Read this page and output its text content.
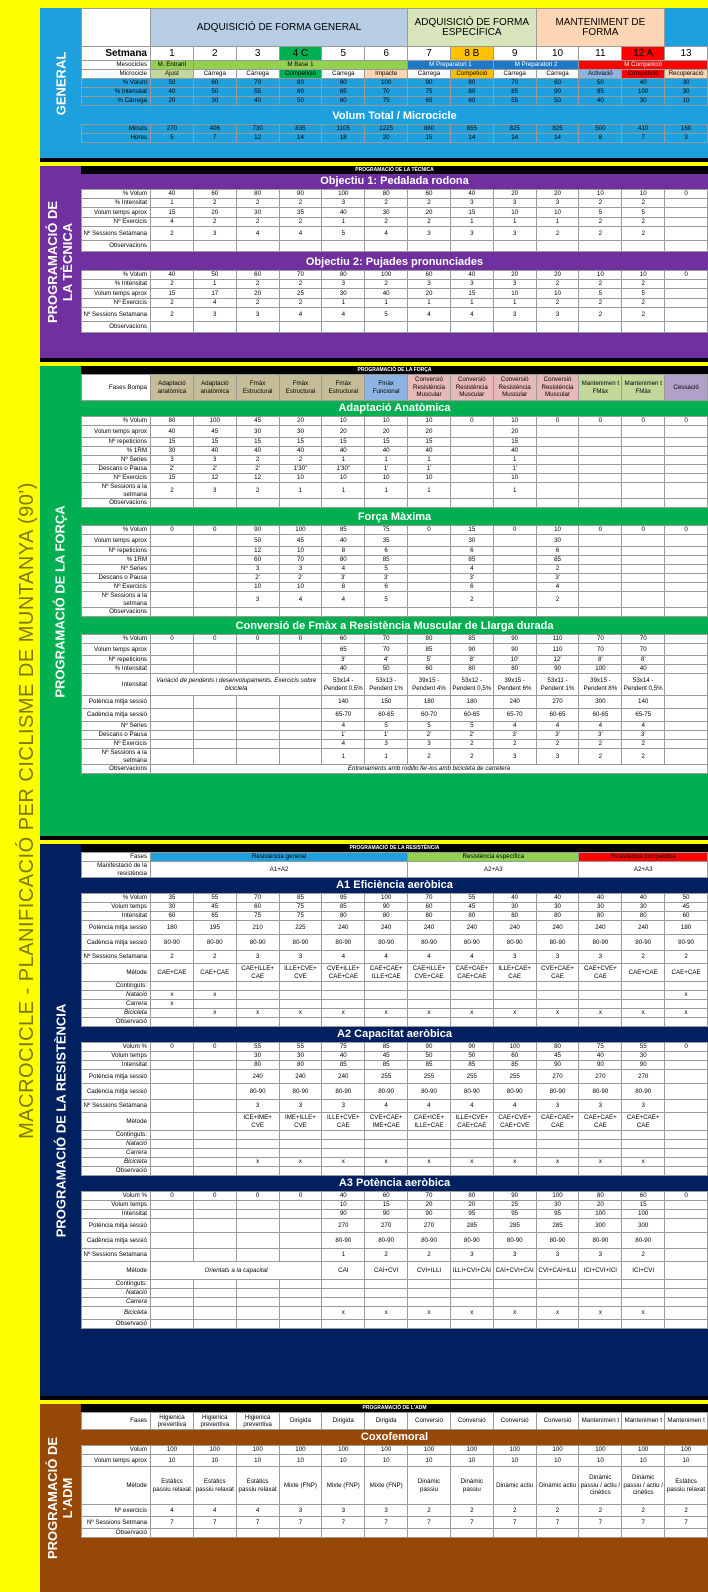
MACROCICLE - PLANIFICACIÓ PER CICLISME DE MUNTANYA (90')
GENERAL
	ADQUISICIÓ DE FORMA GENERAL						ADQUISICIÓ DE FORMA ESPECÍFICA			MANTENIMENT DE FORMA			
Setmana	1	2	3	4 C	5	6	7	8 B	9	10	11	12 A	13
Mesocicles	M. Entrant	M Base 1					M Preparatori 1		M Preparatori 2		M Competició		
Microcicle	Ajust	Càrrega	Càrrega	Competició	Càrrega	Impacte	Càrrega	Competició	Càrrega	Càrrega	Activació	Competició	Recuperació
% Volum	50	60	70	80	90	100	90	80	70	60	50	40	30
% Intensitat	40	50	55	60	65	70	75	80	85	90	95	100	30
% Càrrega	20	30	40	50	60	75	65	60	55	50	40	30	10
Volum Total / Microcicle
Minuts	270	406	730	835	1105	1225	880	855	825	825	500	410	160
Hores	5	7	12	14	18	20	15	14	14	14	8	7	3
PROGRAMACIÓ DE
LA TÈCNICA
PROGRAMACIÓ DE LA TÈCNICA
Objectiu 1: Pedalada rodona
% Volum	40	60	80	90	100	80	60	40	20	20	10	10	0
% Intensitat	1	2	2	2	3	2	2	3	3	3	2	2	
Volum temps aprox	15	20	30	35	40	30	20	15	10	10	5	5	
Nº Exercicis	4	2	2	2	1	2	2	1	1	1	2	2	
Nº Sessions Setamana	2	3	4	4	5	4	3	3	3	2	2	2	
Observacions													
Objectiu 2: Pujades pronunciades
% Volum	40	50	60	70	80	100	60	40	20	20	10	10	0
% Intensitat	2	1	2	2	3	2	3	3	3	2	2	2	
Volum temps aprox	15	17	20	25	30	40	20	15	10	10	5	5	
Nº Exercicis	2	4	2	2	1	1	1	1	1	2	2	2	
Nº Sessions Setamana	2	3	3	4	4	5	4	4	3	3	2	2	
Observacions													
PROGRAMACIÓ DE LA FORÇA
PROGRAMACIÓ DE LA FORÇA
Fases Bompa	Adaptació anatòmica	Adaptació anatòmica	Fmàx Estructural	Fmàx Estructural	Fmàx Estructural	Fmàx Funcional	Conversió Resistència Muscular	Conversió Resistència Muscular	Conversió Resistència Muscular	Conversió Resistència Muscular	Mantenimen t FMàx	Mantenimen t FMàx	Cessació
Adaptació Anatòmica
% Volum	80	100	45	20	10	10	10	0	10	0	0	0	0
Volum temps aprox	40	45	30	30	20	20	20		20				
Nº repeticions	15	15	15	15	15	15	15		15				
% 1RM	30	40	40	40	40	40	40		40				
Nº Series	3	3	2	2	1	1	1		1				
Descans o Pausa	2'	2'	2'	1'30"	1'30"	1'	1'		1'				
Nº Exercicis	15	12	12	10	10	10	10		10				
Nº Sessions a la setmana	2	3	2	1	1	1	1		1				
Observacions													
Força Màxima
% Volum	0	0	90	100	85	75	0	15	0	10	0	0	0
Volum temps aprox			50	45	40	35		30		30			
Nº repeticions			12	10	8	6		6		6			
% 1RM			60	70	80	85		85		85			
Nº Series			3	3	4	5		4		2			
Descans o Pausa			2'	2'	3'	3'		3'		3'			
Nº Exercicis			10	10	8	6		6		4			
Nº Sessions a la setmana			3	4	4	5		2		2			
Observacions													
Conversió de Fmàx a Resistència Muscular de Llarga durada
% Volum	0	0	0	0	60	70	80	85	90	110	70	70	
Volum temps aprox					65	70	85	90	90	110	70	70	
Nº repeticions					3'	4'	5'	8'	10'	12'	8'	8'	
% Intensitat					40	50	60	80	80	90	100	40	
Intensitat	Variació de pendents i desenvolupaments. Exercicis sobre bicicleta				53x14 - Pendent 0,5%	53x13 - Pendent 1%	39x15 - Pendent 4%	53x12 - Pendent 0,5%	39x15 - Pendent 6%	53x11 - Pendent 1%	39x15 - Pendent 8%	53x14 - Pendent 0,5%	
Potència mitja sessió					140	150	180	180	240	270	300	140	
Cadència mitja sessió					65-70	60-65	60-70	60-65	65-70	60-65	60-65	65-75	
Nº Series					4	5	5	5	4	4	4	4	
Descans o Pausa					1'	1'	2'	2'	3'	3'	3'	3'	
Nº Exercicis					4	3	3	2	2	2	2	2	
Nº Sessions a la setmana					1	1	2	2	3	3	2	2	
Observacions	Entrenaments amb rodillo fer-los amb bicicleta de carretera												
PROGRAMACIÓ DE LA RESISTÈNCIA
PROGRAMACIÓ DE LA RESISTÈNCIA
Fases	Resistència general	Resistència específica	Resistència competitiva
Manifestació de la resistència	A1+A2	A2+A3	A2+A3
A1 Eficiència aeròbica
% Volum	35	55	70	85	95	100	70	55	40	40	40	40	50
Volum temps	30	45	60	75	85	90	60	45	30	30	30	30	45
Intensitat	60	65	75	75	80	80	80	80	80	80	80	80	60
Potència mitja sessió	180	195	210	225	240	240	240	240	240	240	240	240	180
Cadència mitja sessió	80-90	80-90	80-90	80-90	80-90	80-90	80-90	80-90	80-90	80-90	80-90	80-90	80-90
Nº Sessions Setamana	2	2	3	3	4	4	4	4	3	3	3	2	2
Mètode	CAE+CAE	CAE+CAE	CAE+ILLE+ CAE	ILLE+CVE+ CVE	CVE+ILLE+ CAE+CAE	CAE+CAE+ ILLE+CAE	CAE+ILLE+ CVE+CAE	CAE+CAE+ CAE+CAE	ILLE+CAE+ CAE	CVE+CAE+ CAE	CAE+CVE+ CAE	CAE+CAE	CAE+CAE
Continguts:													
Natació	x	x											x
Carrera	x												
Bicicleta		x	x	x	x	x	x	x	x	x	x	x	x
Observació													
A2 Capacitat aeròbica
Volum %	0	0	55	55	75	85	90	90	100	80	75	55	0
Volum temps			30	30	40	45	50	50	60	45	40	30	
Intensitat			80	80	85	85	85	85	85	90	90	90	
Potència mitja sessió			240	240	240	255	255	255	255	270	270	270	
Cadència mitja sessió			80-90	80-90	80-90	80-90	80-90	80-90	80-90	80-90	80-90	80-90	
Nº Sessions Setamana			3	3	3	4	4	4	4	3	3	3	
Mètode			ICE+IME+ CVE	IME+ILLE+ CVE	ILLE+CVE+ CAE	CVE+CAE+ IME+CAE	CAE+ICE+ ILLE+CAE	ILLE+CVE+ CAE+CAE	CAE+CVE+ CAE+CVE	CAE+CAE+ CAE	CAE+CAE+ CAE	CAE+CAE+ CAE	
Continguts:													
Natació													
Carrera													
Bicicleta			x	x	x	x	x	x	x	x	x	x	
Observació													
A3 Potència aeròbica
Volum %	0	0	0	0	40	60	70	80	90	100	80	60	0
Volum temps					10	15	20	20	25	30	20	15	
Intensitat					90	90	90	95	95	95	100	100	
Potència mitja sessió					270	270	270	285	285	285	300	300	
Cadència mitja sessió					80-90	80-90	80-90	80-90	80-90	80-90	80-90	80-90	
Nº Sessions Setamana					1	2	2	3	3	3	3	2	
Mètode	Orientats a la capacitat				CAI	CAI+CVI	CVI+ILLI	ILLI+CVI+CAI	CAI+CVI+CAI	CVI+CAI+ILLI	ICI+CVI+ICI	ICI+CVI	
Continguts:													
Natació													
Carrera													
Bicicleta					x	x	x	x	x	x	x	x	
Observació													
PROGRAMACIÓ DE
L'ADM
PROGRAMACIÓ DE L'ADM
Fases	Higienica preventiva	Higienica preventiva	Higienica preventiva	Dirigida	Dirigida	Dirigida	Conversió	Conversió	Conversió	Conversió	Mantenimen t	Mantenimen t	Mantenimen t
Coxofemoral
Volum	100	100	100	100	100	100	100	100	100	100	100	100	100
Volum temps aprox	10	10	10	10	10	10	10	10	10	10	10	10	10
Mètode	Estàtics passiu relaxat	Estàtics passiu relaxat	Estàtics passiu relaxat	Mixte (FNP)	Mixte (FNP)	Mixte (FNP)	Dinàmic passiu	Dinàmic passiu	Dinàmic actiu	Dinàmic actiu	Dinàmic passiu / actiu / cinètics	Dinàmic passiu / actiu / cinètics	Estàtics passiu relaxat
Nº exercicis	4	4	4	3	3	3	2	2	2	2	2	2	2
Nº Sessions Setmana	7	7	7	7	7	7	7	7	7	7	7	7	7
Observació													
